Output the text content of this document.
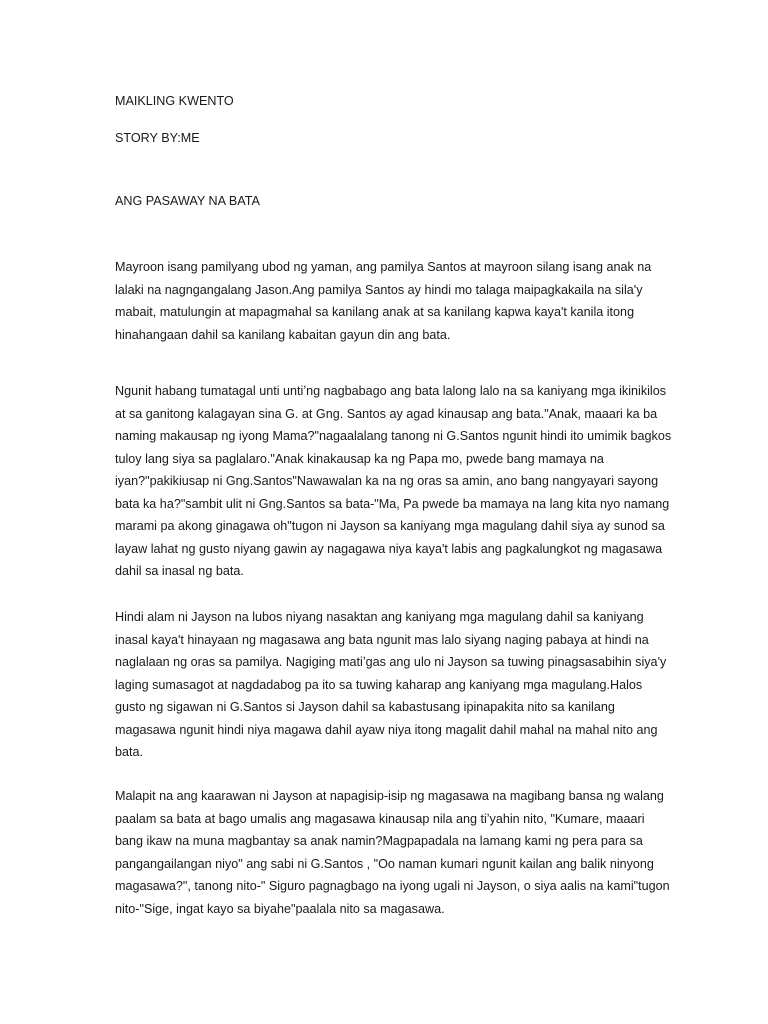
MAIKLING KWENTO
STORY BY:ME
ANG PASAWAY NA BATA

Mayroon isang pamilyang ubod ng yaman, ang pamilya Santos at mayroon silang isang anak na lalaki na nagngangalang Jason.Ang pamilya Santos ay hindi mo talaga maipagkakaila na sila'y mabait, matulungin at mapagmahal sa kanilang anak at sa kanilang kapwa kaya't kanila itong hinahangaan dahil sa kanilang kabaitan gayun din ang bata.

Ngunit habang tumatagal unti untiʼng nagbabago ang bata lalong lalo na sa kaniyang mga ikinikilos at sa ganitong kalagayan sina G. at Gng. Santos ay agad kinausap ang bata."Anak, maaari ka ba naming makausap ng iyong Mama?"nagaalalang tanong ni G.Santos ngunit hindi ito umimik bagkos tuloy lang siya sa paglalaro."Anak kinakausap ka ng Papa mo, pwede bang mamaya na iyan?"pakikiusap ni Gng.Santos"Nawawalan ka na ng oras sa amin, ano bang nangyayari sayong bata ka ha?"sambit ulit ni Gng.Santos sa bata-"Ma, Pa pwede ba mamaya na lang kita nyo namang marami pa akong ginagawa oh"tugon ni Jayson sa kaniyang mga magulang dahil siya ay sunod sa layaw lahat ng gusto niyang gawin ay nagagawa niya kaya't labis ang pagkalungkot ng magasawa dahil sa inasal ng bata.

Hindi alam ni Jayson na lubos niyang nasaktan ang kaniyang mga magulang dahil sa kaniyang inasal kaya't hinayaan ng magasawa ang bata ngunit mas lalo siyang naging pabaya at hindi na naglalaan ng oras sa pamilya. Nagiging matiʼgas ang ulo ni Jayson sa tuwing pinagsasabihin siya'y laging sumasagot at nagdadabog pa ito sa tuwing kaharap ang kaniyang mga magulang.Halos gusto ng sigawan ni G.Santos si Jayson dahil sa kabastusang ipinapakita nito sa kanilang magasawa ngunit hindi niya magawa dahil ayaw niya itong magalit dahil mahal na mahal nito ang bata.

Malapit na ang kaarawan ni Jayson at napagisip-isip ng magasawa na magibang bansa ng walang paalam sa bata at bago umalis ang magasawa kinausap nila ang tiʼyahin nito, "Kumare, maaari bang ikaw na muna magbantay sa anak namin?Magpapadala na lamang kami ng pera para sa pangangailangan niyo" ang sabi ni G.Santos , "Oo naman kumari ngunit kailan ang balik ninyong magasawa?", tanong nito-" Siguro pagnagbago na iyong ugali ni Jayson, o siya aalis na kami"tugon nito-"Sige, ingat kayo sa biyahe"paalala nito sa magasawa.
